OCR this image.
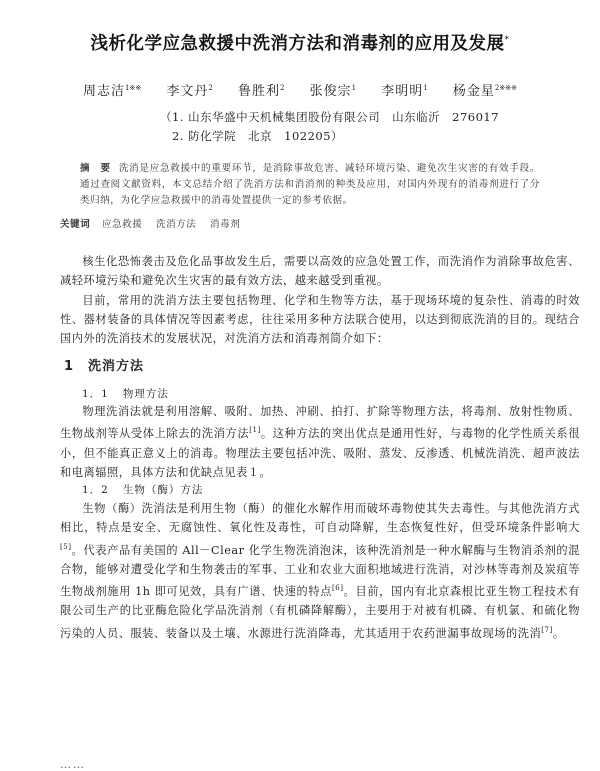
浅析化学应急救援中洗消方法和消毒剂的应用及发展*
周志洁$^{1※※}$ 李文丹$^2$ 鲁胜利$^2$ 张俊宗$^1$ 李明明$^1$ 杨金星$^{2※※※}$
（1. 山东华盛中天机械集团股份有限公司　山东临沂　276017
2. 防化学院　北京　102205）
摘　要 洗消是应急救援中的重要环节，是消除事故危害、减轻环境污染、避免次生灾害的有效手段。通过查阅文献资料，本文总结介绍了洗消方法和消消剂的种类及应用，对国内外现有的消毒剂进行了分类归纳，为化学应急救援中的消毒处置提供一定的参考依据。
关键词 应急救援 洗消方法 消毒剂

核生化恐怖袭击及危化品事故发生后，需要以高效的应急处置工作，而洗消作为消除事故危害、减轻环境污染和避免次生灾害的最有效方法，越来越受到重视。

目前，常用的洗消方法主要包括物理、化学和生物等方法，基于现场环境的复杂性、消毒的时效性、器材装备的具体情况等因素考虑，往往采用多种方法联合使用，以达到彻底洗消的目的。现结合国内外的洗消技术的发展状况，对洗消方法和消毒剂简介如下：

1 洗消方法
1．1 物理方法

物理洗消法就是利用溶解、吸附、加热、冲刷、拍打、扩除等物理方法，将毒剂、放射性物质、生物战剂等从受体上除去的洗消方法[1]。这种方法的突出优点是通用性好，与毒物的化学性质关系很小，但不能真正意义上的消毒。物理法主要包括冲洗、吸附、蒸发、反渗透、机械洗消洗、超声波法和电离辐照，具体方法和优缺点见表１。

1．2 生物（酶）方法

生物（酶）洗消法是利用生物（酶）的催化水解作用而破坏毒物使其失去毒性。与其他洗消方式相比，特点是安全、无腐蚀性、氧化性及毒性，可自动降解，生态恢复性好，但受环境条件影响大[5]。代表产品有美国的 All－Clear 化学生物洗消泡沫，该种洗消剂是一种水解酶与生物消杀剂的混合物，能够对遭受化学和生物袭击的军事、工业和农业大面积地域进行洗消，对沙林等毒剂及炭疽等生物战剂施用 1h 即可见效，具有广谱、快速的特点[6]。目前，国内有北京森根比亚生物工程技术有限公司生产的比亚酶危险化学品洗消剂（有机磷降解酶），主要用于对被有机磷、有机氯、和硫化物污染的人员、服装、装备以及土壤、水源进行洗消降毒，尤其适用于农药泄漏事故现场的洗消[7]。

……
